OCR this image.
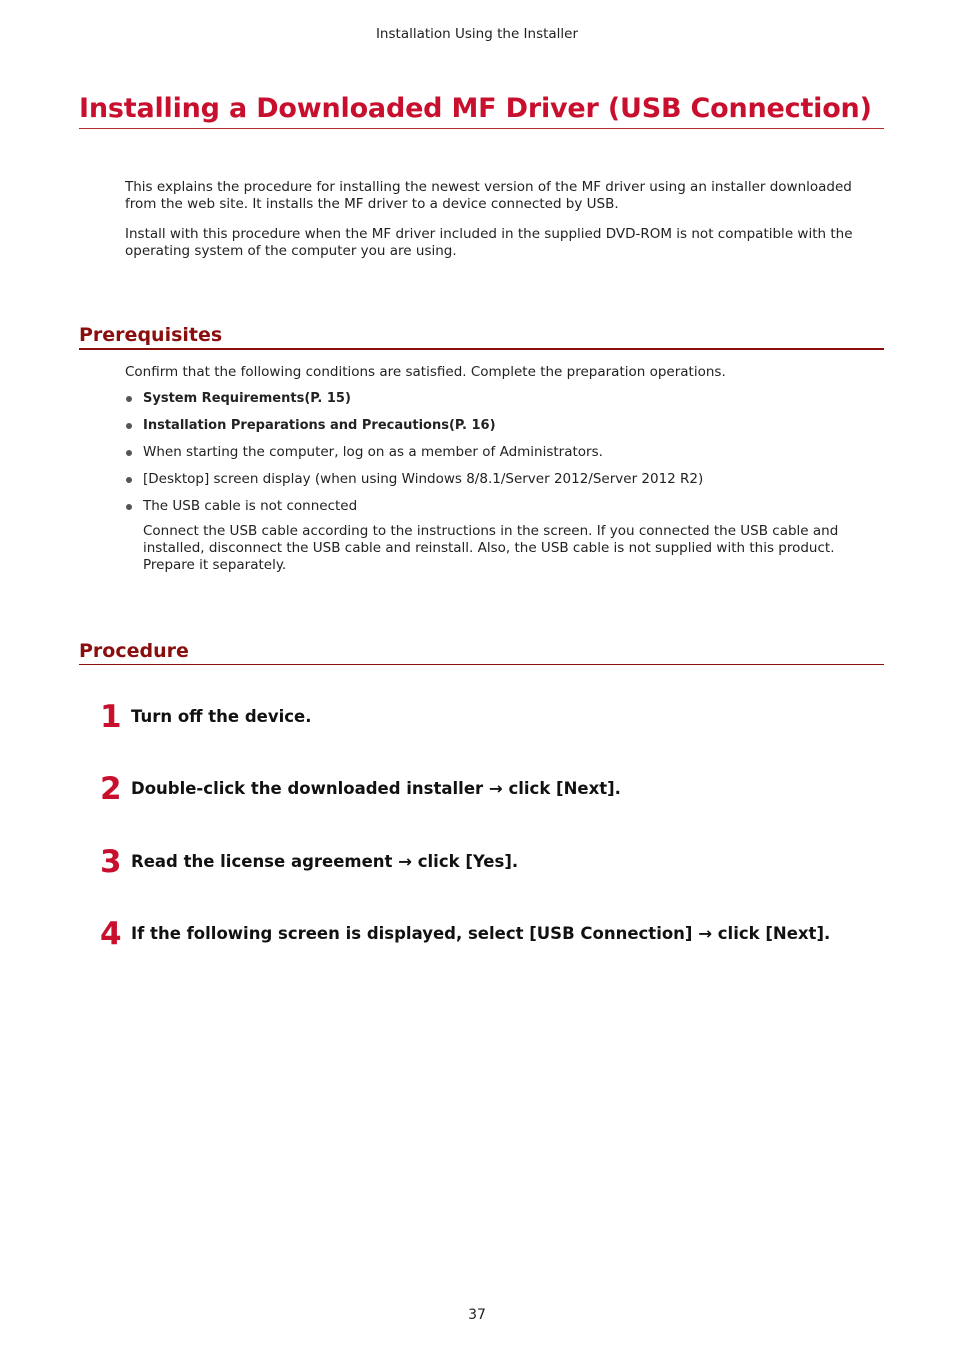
Installation Using the Installer
Installing a Downloaded MF Driver (USB Connection)

This explains the procedure for installing the newest version of the MF driver using an installer downloaded from the web site. It installs the MF driver to a device connected by USB.

Install with this procedure when the MF driver included in the supplied DVD-ROM is not compatible with the operating system of the computer you are using.

Prerequisites

Confirm that the following conditions are satisfied. Complete the preparation operations.

System Requirements(P. 15)
Installation Preparations and Precautions(P. 16)
When starting the computer, log on as a member of Administrators.
[Desktop] screen display (when using Windows 8/8.1/Server 2012/Server 2012 R2)
The USB cable is not connected

Connect the USB cable according to the instructions in the screen. If you connected the USB cable and installed, disconnect the USB cable and reinstall. Also, the USB cable is not supplied with this product. Prepare it separately.

Procedure
1 Turn off the device.
2 Double-click the downloaded installer → click [Next].
3 Read the license agreement → click [Yes].
4 If the following screen is displayed, select [USB Connection] → click [Next].
37
